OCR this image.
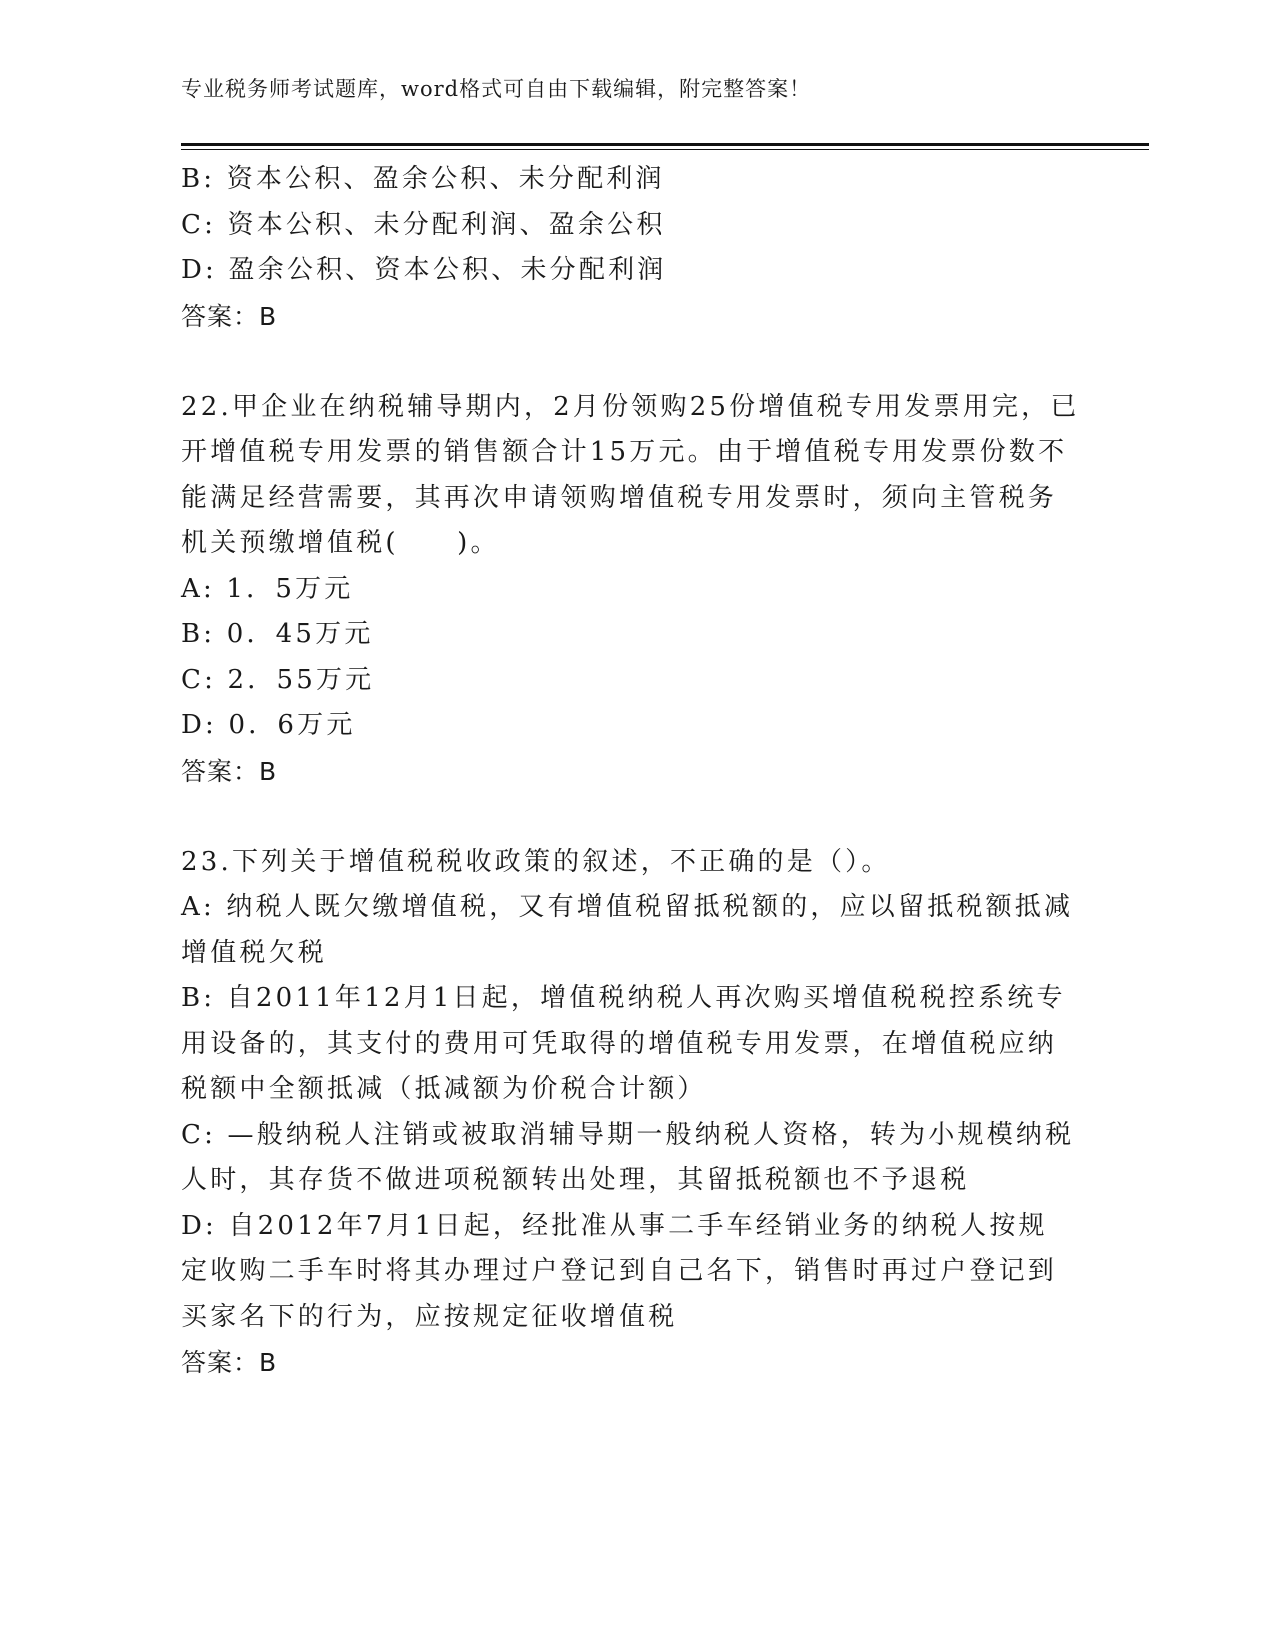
专业税务师考试题库，word格式可自由下载编辑，附完整答案！
B: 资本公积、盈余公积、未分配利润
C: 资本公积、未分配利润、盈余公积
D: 盈余公积、资本公积、未分配利润
答案：B
22.甲企业在纳税辅导期内，2月份领购25份增值税专用发票用完，已
开增值税专用发票的销售额合计15万元。由于增值税专用发票份数不
能满足经营需要，其再次申请领购增值税专用发票时，须向主管税务
机关预缴增值税(　　)。
A: 1．5万元
B: 0．45万元
C: 2．55万元
D: 0．6万元
答案：B
23.下列关于增值税税收政策的叙述，不正确的是（）。
A: 纳税人既欠缴增值税，又有增值税留抵税额的，应以留抵税额抵减
增值税欠税
B: 自2011年12月1日起，增值税纳税人再次购买增值税税控系统专
用设备的，其支付的费用可凭取得的增值税专用发票，在增值税应纳
税额中全额抵减（抵减额为价税合计额）
C: —般纳税人注销或被取消辅导期一般纳税人资格，转为小规模纳税
人时，其存货不做进项税额转出处理，其留抵税额也不予退税
D: 自2012年7月1日起，经批准从事二手车经销业务的纳税人按规
定收购二手车时将其办理过户登记到自己名下，销售时再过户登记到
买家名下的行为，应按规定征收增值税
答案：B
